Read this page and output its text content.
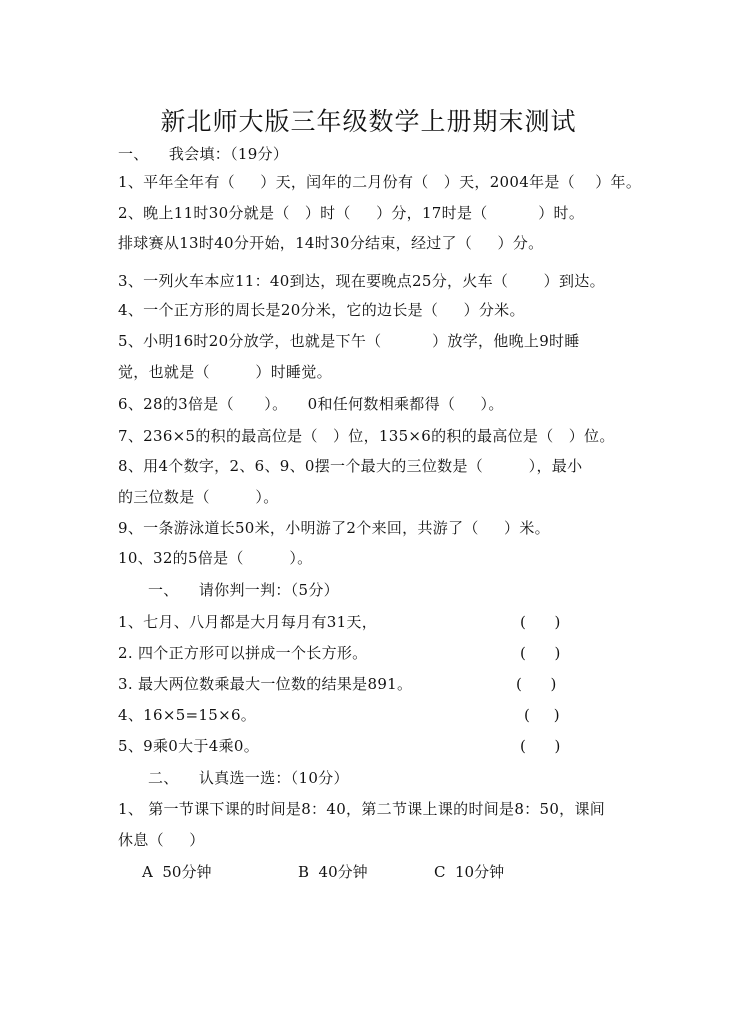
新北师大版三年级数学上册期末测试
一、    我会填：（19分）
1、平年全年有（     ）天，闰年的二月份有（   ）天，2004年是（    ）年。
2、晚上11时30分就是（   ）时（     ）分，17时是（          ）时。
排球赛从13时40分开始，14时30分结束，经过了（     ）分。
3、一列火车本应11：40到达，现在要晚点25分，火车（       ）到达。
4、一个正方形的周长是20分米，它的边长是（     ）分米。
5、小明16时20分放学，也就是下午（          ）放学，他晚上9时睡
觉，也就是（         ）时睡觉。
6、28的3倍是（      ）。    0和任何数相乘都得（     ）。
7、236×5的积的最高位是（   ）位，135×6的积的最高位是（   ）位。
8、用4个数字，2、6、9、0摆一个最大的三位数是（         ），最小
的三位数是（         ）。
9、一条游泳道长50米，小明游了2个来回，共游了（     ）米。
10、32的5倍是（         ）。
一、    请你判一判：（5分）
1、七月、八月都是大月每月有31天，	(      )
2. 四个正方形可以拼成一个长方形。	(      )
3. 最大两位数乘最大一位数的结果是891。	(      )
4、16×5=15×6。	(     )
5、9乘0大于4乘0。	(      )
二、    认真选一选：（10分）
1、 第一节课下课的时间是8：40，第二节课上课的时间是8：50，课间
休息（     ）
A  50分钟	B  40分钟	C  10分钟
